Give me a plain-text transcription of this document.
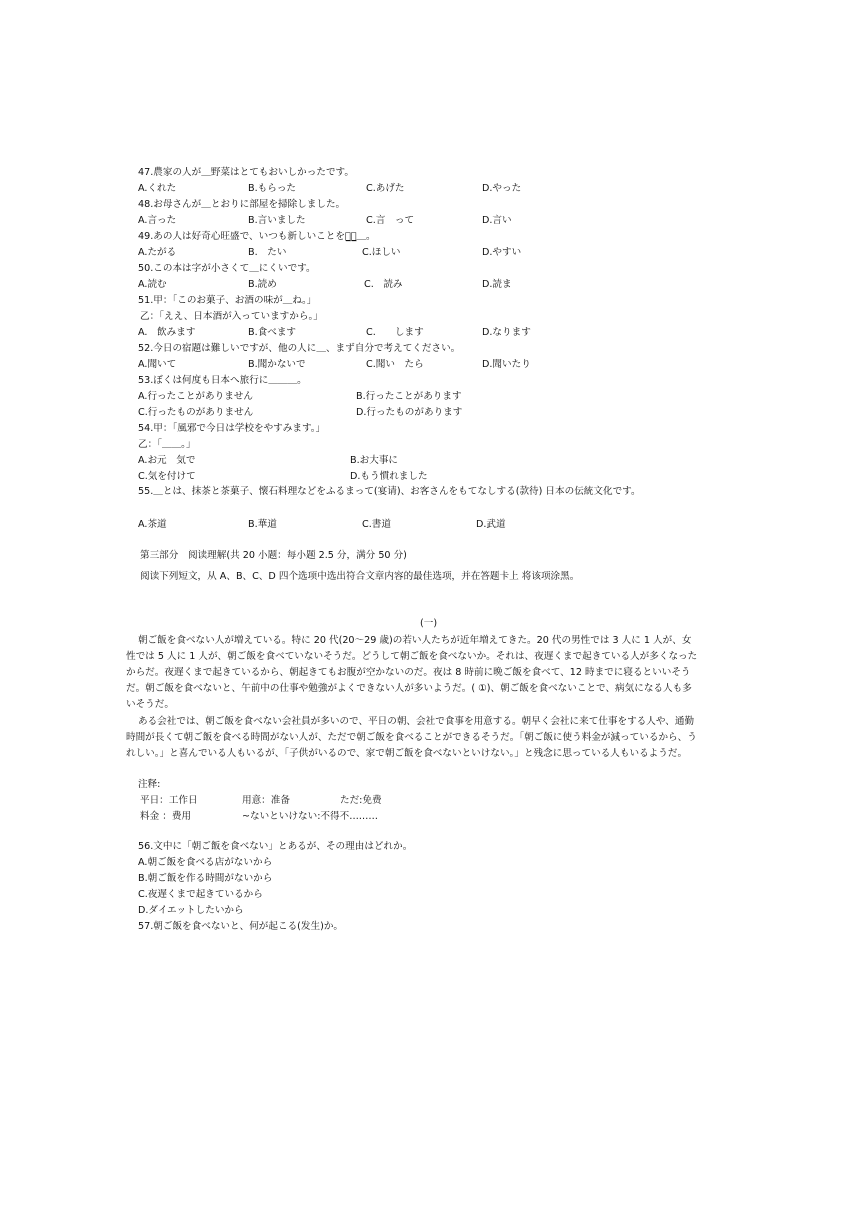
47.農家の人が＿野菜はとてもおいしかったです。
A.くれた	B.もらった	C.あげた	D.やった
48.お母さんが＿とおりに部屋を掃除しました。
A.言った	B.言いました	C.言　って	D.言い
49.あの人は好奇心旺盛で、いつも新しいことをや̲り̲＿。
A.たがる	B.　たい	C.ほしい	D.やすい
50.この本は字が小さくて＿にくいです。
A.読む	B.読め	C.　読み	D.読ま
51.甲：「このお菓子、お酒の味が＿ね。」
乙：「ええ、日本酒が入っていますから。」
A.　飲みます	B.食べます	C.　　します	D.なります
52.今日の宿題は難しいですが、他の人に＿、まず自分で考えてください。
A.聞いて	B.聞かないで	C.聞い　たら	D.聞いたり
53.ぼくは何度も日本へ旅行に＿＿＿。
A.行ったことがありません	B.行ったことがあります
C.行ったものがありません	D.行ったものがあります
54.甲：「風邪で今日は学校をやすみます。」
乙：「＿＿。」
A.お元　気で	B.お大事に
C.気を付けて	D.もう慣れました
55.＿とは、抹茶と茶菓子、懐石料理などをふるまって(宴请)、お客さんをもてなしする(款待) 日本の伝統文化です。
A.茶道	B.華道	C.書道	D.武道
第三部分　阅读理解(共 20 小题：每小题 2.5 分，满分 50 分)
阅读下列短文，从 A、B、C、D 四个选项中选出符合文章内容的最佳选项，并在答题卡上 将该项涂黑。
(一)
朝ご飯を食べない人が増えている。特に 20 代(20～29 歳)の若い人たちが近年増えてきた。20 代の男性では 3 人に 1 人が、女性では 5 人に 1 人が、朝ご飯を食べていないそうだ。どうして朝ご飯を食べないか。それは、夜遅くまで起きている人が多くなったからだ。夜遅くまで起きているから、朝起きてもお腹が空かないのだ。夜は 8 時前に晩ご飯を食べて、12 時までに寝るといいそうだ。朝ご飯を食べないと、午前中の仕事や勉強がよくできない人が多いようだ。( ①)、朝ご飯を食べないことで、病気になる人も多いそうだ。
ある会社では、朝ご飯を食べない会社員が多いので、平日の朝、会社で食事を用意する。朝早く会社に来て仕事をする人や、通勤時間が長くて朝ご飯を食べる時間がない人が、ただで朝ご飯を食べることができるそうだ。「朝ご飯に使う料金が減っているから、うれしい。」と喜んでいる人もいるが、「子供がいるので、家で朝ご飯を食べないといけない。」と残念に思っている人もいるようだ。
注释:
平日：工作日	用意：准备	ただ:免费
料金 ：费用	~ないといけない:不得不………
56.文中に「朝ご飯を食べない」とあるが、その理由はどれか。
A.朝ご飯を食べる店がないから
B.朝ご飯を作る時間がないから
C.夜遅くまで起きているから
D.ダイエットしたいから
57.朝ご飯を食べないと、何が起こる(发生)か。
